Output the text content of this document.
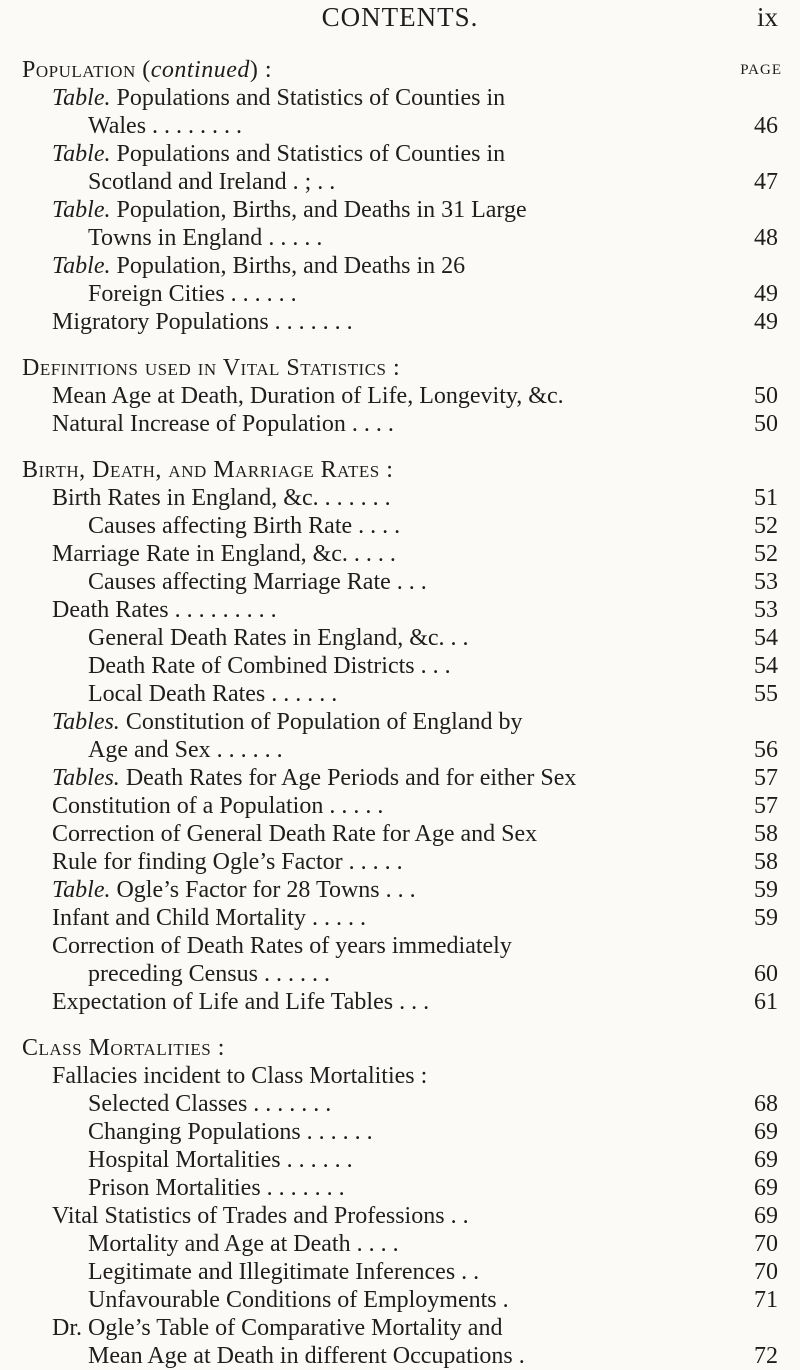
CONTENTS.	ix
PAGE
Population (continued) :
Table. Populations and Statistics of Counties in
Wales . . . . . . . .	46
Table. Populations and Statistics of Counties in
Scotland and Ireland . ; . .	47
Table. Population, Births, and Deaths in 31 Large
Towns in England . . . . .	48
Table. Population, Births, and Deaths in 26
Foreign Cities . . . . . .	49
Migratory Populations . . . . . . .	49
Definitions used in Vital Statistics :
Mean Age at Death, Duration of Life, Longevity, &c.	50
Natural Increase of Population . . . .	50
Birth, Death, and Marriage Rates :
Birth Rates in England, &c. . . . . . .	51
Causes affecting Birth Rate . . . .	52
Marriage Rate in England, &c. . . . .	52
Causes affecting Marriage Rate . . .	53
Death Rates . . . . . . . . .	53
General Death Rates in England, &c. . .	54
Death Rate of Combined Districts . . .	54
Local Death Rates . . . . . .	55
Tables. Constitution of Population of England by
Age and Sex . . . . . .	56
Tables. Death Rates for Age Periods and for either Sex	57
Constitution of a Population . . . . .	57
Correction of General Death Rate for Age and Sex	58
Rule for finding Ogle’s Factor . . . . .	58
Table. Ogle’s Factor for 28 Towns . . .	59
Infant and Child Mortality . . . . .	59
Correction of Death Rates of years immediately
preceding Census . . . . . .	60
Expectation of Life and Life Tables . . .	61
Class Mortalities :
Fallacies incident to Class Mortalities :
Selected Classes . . . . . . .	68
Changing Populations . . . . . .	69
Hospital Mortalities . . . . . .	69
Prison Mortalities . . . . . . .	69
Vital Statistics of Trades and Professions . .	69
Mortality and Age at Death . . . .	70
Legitimate and Illegitimate Inferences . .	70
Unfavourable Conditions of Employments .	71
Dr. Ogle’s Table of Comparative Mortality and
Mean Age at Death in different Occupations .	72
